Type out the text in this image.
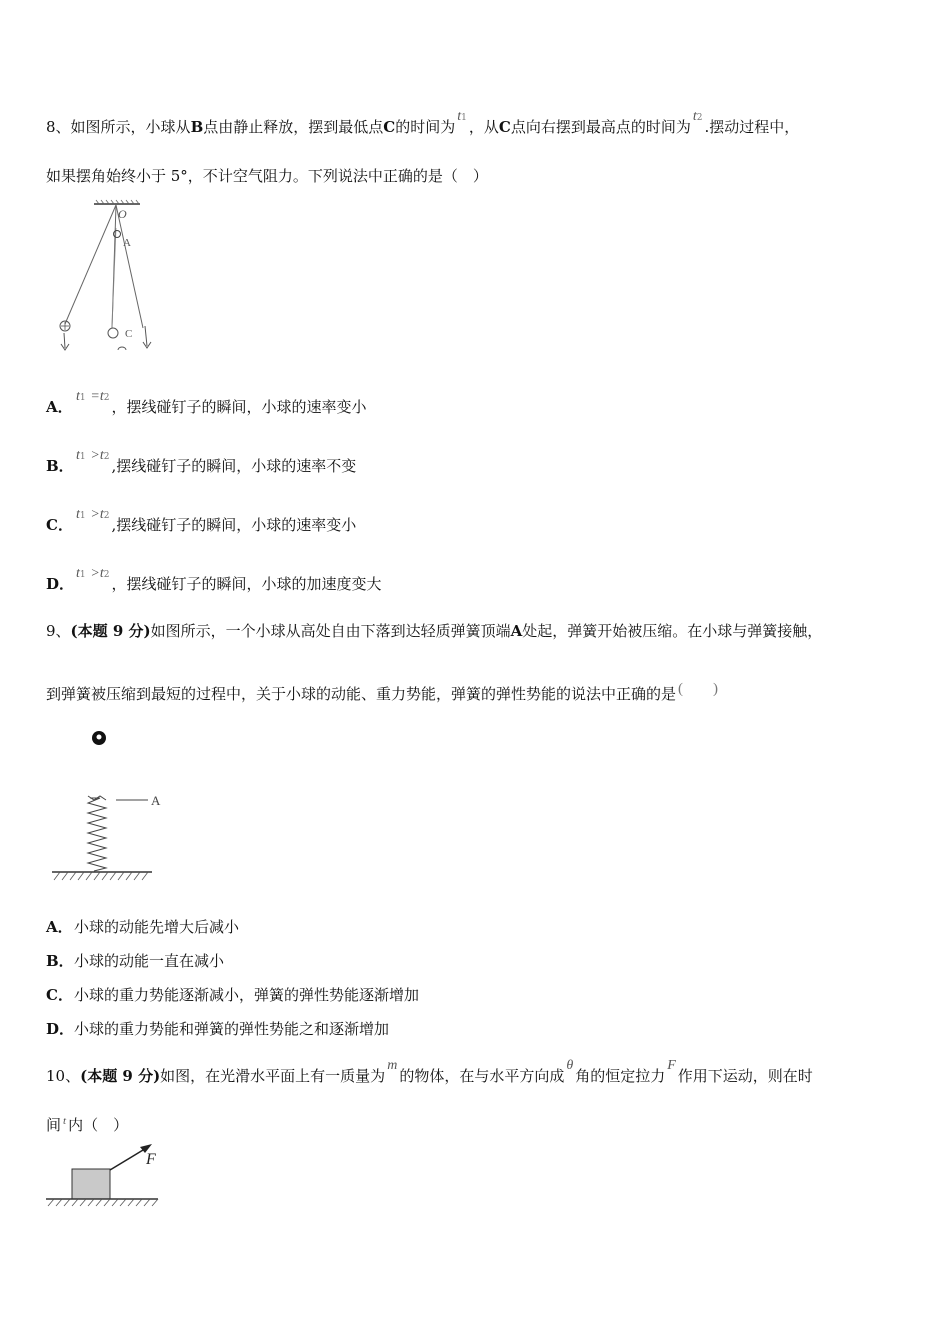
8、如图所示，小球从B点由静止释放，摆到最低点C的时间为t1 ，从C点向右摆到最高点的时间为t2 .摆动过程中，
如果摆角始终小于 5°，不计空气阻力。下列说法中正确的是（　）
O
A
C
A．t1 =t2 ，摆线碰钉子的瞬间，小球的速率变小
B．t1 >t2 ,摆线碰钉子的瞬间，小球的速率不变
C．t1 >t2 ,摆线碰钉子的瞬间，小球的速率变小
D．t1 >t2 ，摆线碰钉子的瞬间，小球的加速度变大
9、(本题 9 分)如图所示，一个小球从高处自由下落到达轻质弹簧顶端A处起，弹簧开始被压缩。在小球与弹簧接触，
到弹簧被压缩到最短的过程中，关于小球的动能、重力势能，弹簧的弹性势能的说法中正确的是 (　　)
A
A．小球的动能先增大后减小
B．小球的动能一直在减小
C．小球的重力势能逐渐减小，弹簧的弹性势能逐渐增加
D．小球的重力势能和弹簧的弹性势能之和逐渐增加
10、(本题 9 分)如图，在光滑水平面上有一质量为m的物体，在与水平方向成θ角的恒定拉力F作用下运动，则在时
间 t 内（　）
F
